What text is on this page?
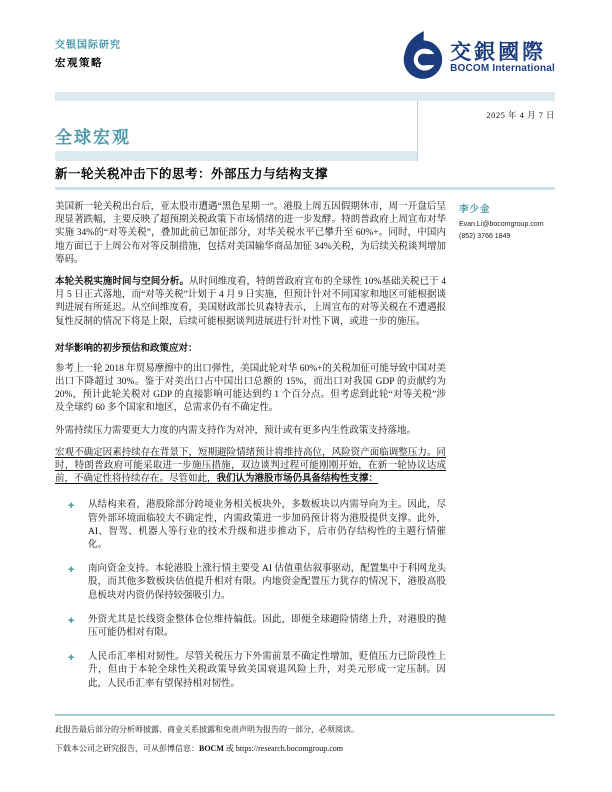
交银国际研究
宏观策略	交銀國際
BOCOM International
全球宏观
2025 年 4 月 7 日
新一轮关税冲击下的思考：外部压力与结构支撑

美国新一轮关税出台后，亚太股市遭遇“黑色星期一”。港股上周五因假期休市，周一开盘后呈现显著跌幅，主要反映了超预期关税政策下市场情绪的进一步发酵。特朗普政府上周宣布对华实施 34%的“对等关税”，叠加此前已加征部分，对华关税水平已攀升至 60%+。同时，中国内地方面已于上周公布对等反制措施，包括对美国输华商品加征 34%关税，为后续关税谈判增加筹码。

本轮关税实施时间与空间分析。从时间维度看，特朗普政府宣布的全球性 10%基础关税已于 4 月 5 日正式落地，而“对等关税”计划于 4 月 9 日实施，但预计针对不同国家和地区可能根据谈判进展有所延迟。从空间维度看，美国财政部长贝森特表示，上周宣布的对等关税在不遭遇报复性反制的情况下将是上限，后续可能根据谈判进展进行针对性下调，或进一步的施压。

对华影响的初步预估和政策应对：

参考上一轮 2018 年贸易摩擦中的出口弹性，美国此轮对华 60%+的关税加征可能导致中国对美出口下降超过 30%。鉴于对美出口占中国出口总额的 15%，而出口对我国 GDP 的贡献约为 20%，预计此轮关税对 GDP 的直接影响可能达到约 1 个百分点。但考虑到此轮“对等关税”涉及全球约 60 多个国家和地区，总需求仍有不确定性。

外需持续压力需要更大力度的内需支持作为对冲，预计或有更多内生性政策支持落地。

宏观不确定因素持续存在背景下，短期避险情绪预计将维持高位，风险资产面临调整压力。同时，特朗普政府可能采取进一步施压措施，双边谈判过程可能刚刚开始，在新一轮协议达成前，不确定性将持续存在。尽管如此，我们认为港股市场仍具备结构性支撑：

✚	从结构来看，港股除部分跨境业务相关板块外，多数板块以内需导向为主。因此，尽管外部环境面临较大不确定性，内需政策进一步加码预计将为港股提供支撑。此外，AI、智驾、机器人等行业的技术升级和进步推动下，后市仍存结构性的主题行情催化。
✚	南向资金支持。本轮港股上涨行情主要受 AI 估值重估叙事驱动，配置集中于科网龙头股，而其他多数板块估值提升相对有限。内地资金配置压力犹存的情况下，港股高股息板块对内资仍保持较强吸引力。
✚	外资尤其是长线资金整体仓位维持偏低。因此，即便全球避险情绪上升，对港股的抛压可能仍相对有限。
✚	人民币汇率相对韧性。尽管关税压力下外需前景不确定性增加，贬值压力已阶段性上升，但由于本轮全球性关税政策导致美国衰退风险上升，对美元形成一定压制。因此，人民币汇率有望保持相对韧性。
李少金
Evan.Li@bocomgroup.com
(852) 3766 1849

此报告最后部分的分析师披露、商业关系披露和免责声明为报告的一部分，必须阅读。

下载本公司之研究报告，可从彭博信息：BOCM 或 https://research.bocomgroup.com
